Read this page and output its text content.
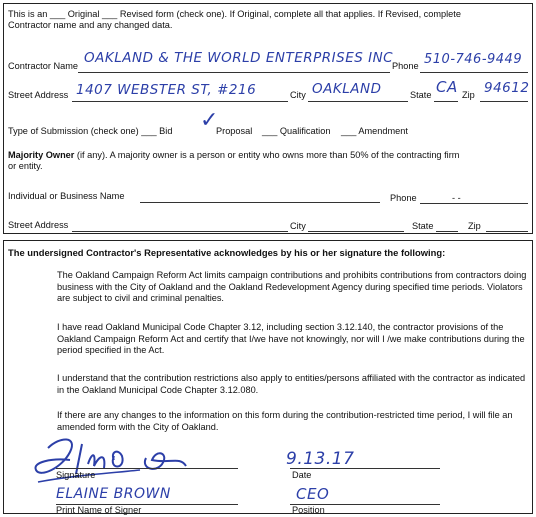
This is an ___ Original ___ Revised form (check one). If Original, complete all that applies. If Revised, complete
Contractor name and any changed data.
Contractor Name OAKLAND & THE WORLD ENTERPRISES INC
Phone 510-746-9449
Street Address 1407 WEBSTER ST, #216	City OAKLAND	State CA Zip 94612
Type of Submission (check one) ___ Bid ✓
Proposal ___ Qualification ___ Amendment
Majority Owner (if any). A majority owner is a person or entity who owns more than 50% of the contracting firm
or entity.
Individual or Business Name	Phone	- -
Street Address	City	State	Zip
The undersigned Contractor's Representative acknowledges by his or her signature the following:
The Oakland Campaign Reform Act limits campaign contributions and prohibits contributions from contractors doing business with the City of Oakland and the Oakland Redevelopment Agency during specified time periods. Violators are subject to civil and criminal penalties.
I have read Oakland Municipal Code Chapter 3.12, including section 3.12.140, the contractor provisions of the Oakland Campaign Reform Act and certify that I/we have not knowingly, nor will I /we make contributions during the period specified in the Act.
I understand that the contribution restrictions also apply to entities/persons affiliated with the contractor as indicated in the Oakland Municipal Code Chapter 3.12.080.
If there are any changes to the information on this form during the contribution-restricted time period, I will file an amended form with the City of Oakland.
Signature
9.13.17
Date
ELAINE BROWN
Print Name of Signer
CEO
Position
